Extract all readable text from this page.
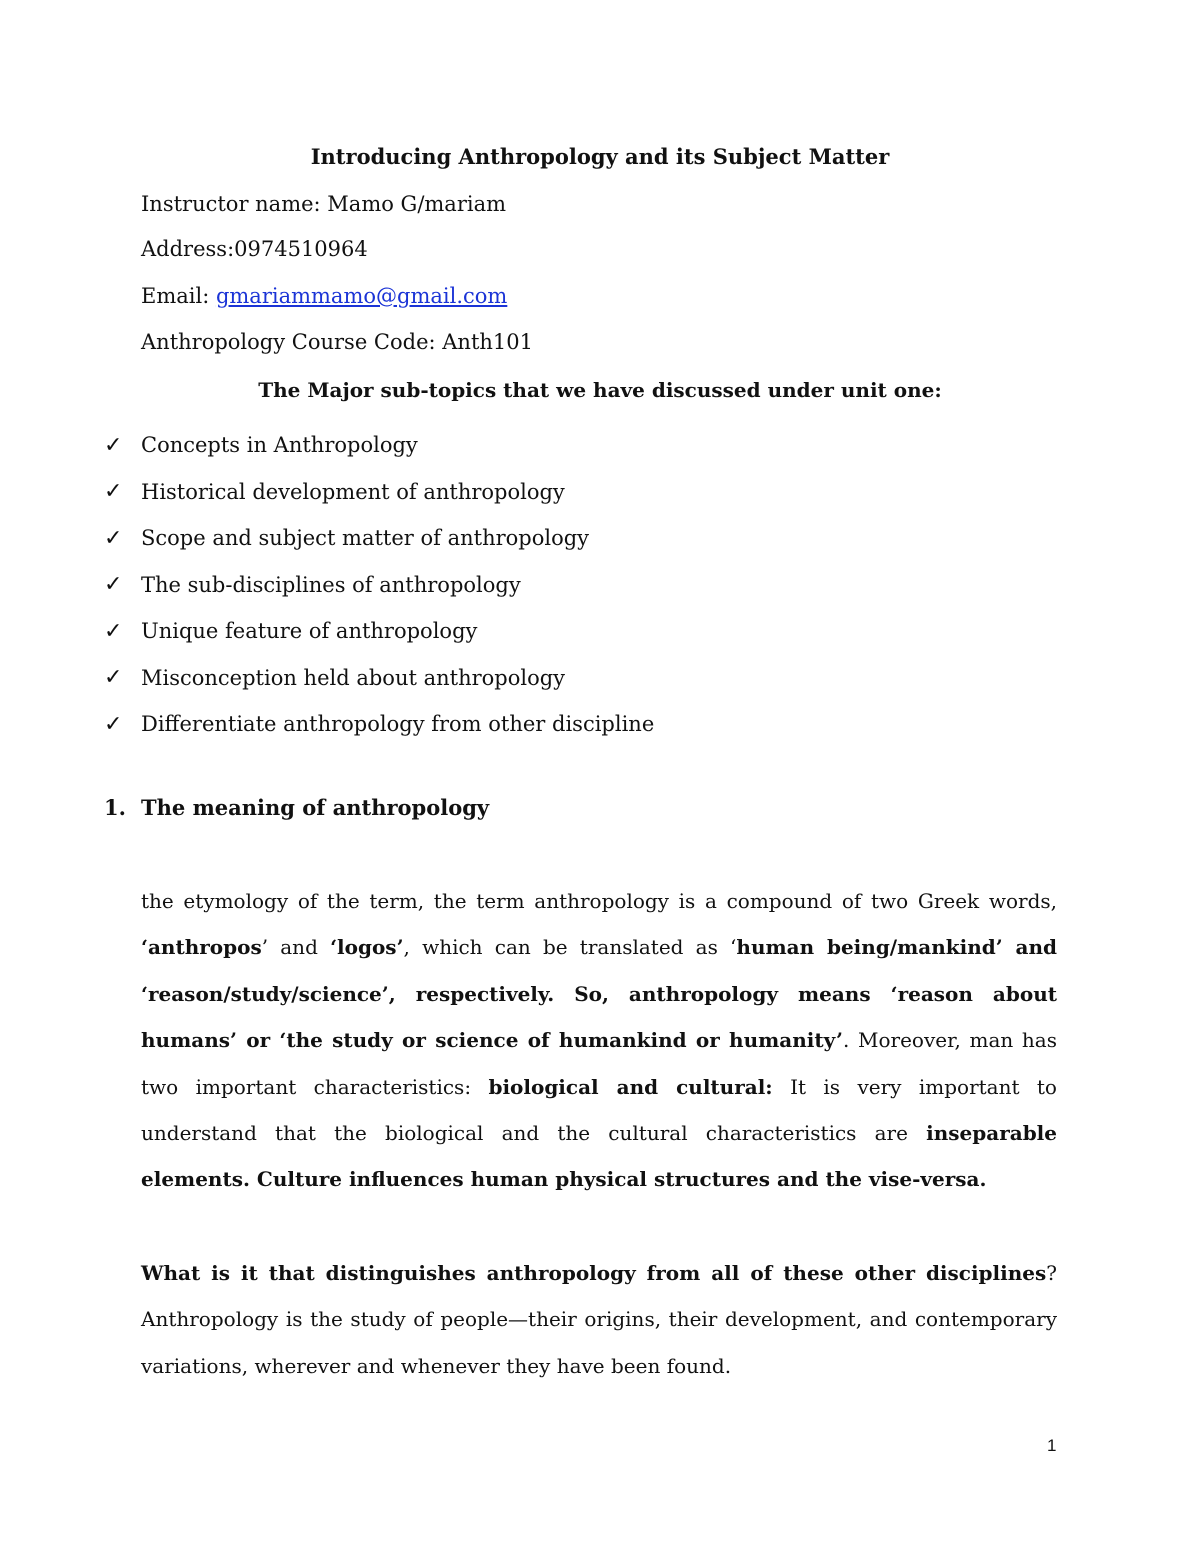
Introducing Anthropology and its Subject Matter
Instructor name: Mamo G/mariam
Address:0974510964
Email: gmariammamo@gmail.com
Anthropology Course Code: Anth101
The Major sub-topics that we have discussed under unit one:
✓ Concepts in Anthropology
✓ Historical development of anthropology
✓ Scope and subject matter of anthropology
✓ The sub-disciplines of anthropology
✓ Unique feature of anthropology
✓ Misconception held about anthropology
✓ Differentiate anthropology from other discipline
1. The meaning of anthropology
the etymology of the term, the term anthropology is a compound of two Greek words, ‘anthropos’ and ‘logos’, which can be translated as ‘human being/mankind’ and ‘reason/study/science’, respectively. So, anthropology means ‘reason about humans’ or ‘the study or science of humankind or humanity’. Moreover, man has two important characteristics: biological and cultural: It is very important to understand that the biological and the cultural characteristics are inseparable elements. Culture influences human physical structures and the vise-versa.
What is it that distinguishes anthropology from all of these other disciplines? Anthropology is the study of people—their origins, their development, and contemporary variations, wherever and whenever they have been found.
1
